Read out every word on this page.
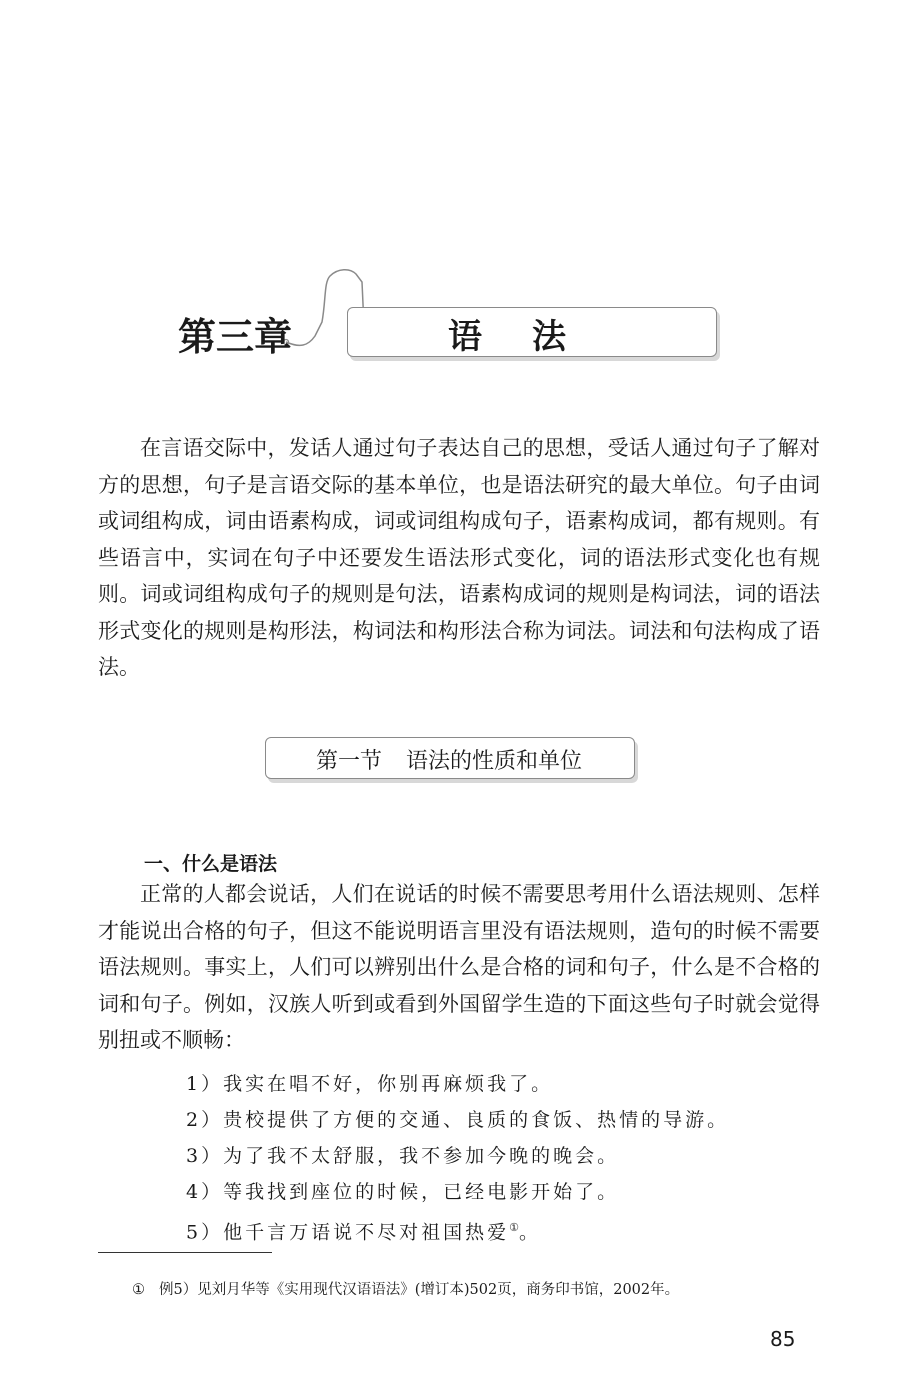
第三章	语法

在言语交际中，发话人通过句子表达自己的思想，受话人通过句子了解对方的思想，句子是言语交际的基本单位，也是语法研究的最大单位。句子由词或词组构成，词由语素构成，词或词组构成句子，语素构成词，都有规则。有些语言中，实词在句子中还要发生语法形式变化，词的语法形式变化也有规则。词或词组构成句子的规则是句法，语素构成词的规则是构词法，词的语法形式变化的规则是构形法，构词法和构形法合称为词法。词法和句法构成了语法。

第一节 语法的性质和单位
一、什么是语法

正常的人都会说话，人们在说话的时候不需要思考用什么语法规则、怎样才能说出合格的句子，但这不能说明语言里没有语法规则，造句的时候不需要语法规则。事实上，人们可以辨别出什么是合格的词和句子，什么是不合格的词和句子。例如，汉族人听到或看到外国留学生造的下面这些句子时就会觉得别扭或不顺畅：

1）我实在唱不好，你别再麻烦我了。
2）贵校提供了方便的交通、良质的食饭、热情的导游。
3）为了我不太舒服，我不参加今晚的晚会。
4）等我找到座位的时候，已经电影开始了。
5）他千言万语说不尽对祖国热爱①。
① 例5）见刘月华等《实用现代汉语语法》(增订本)502页，商务印书馆，2002年。
85
